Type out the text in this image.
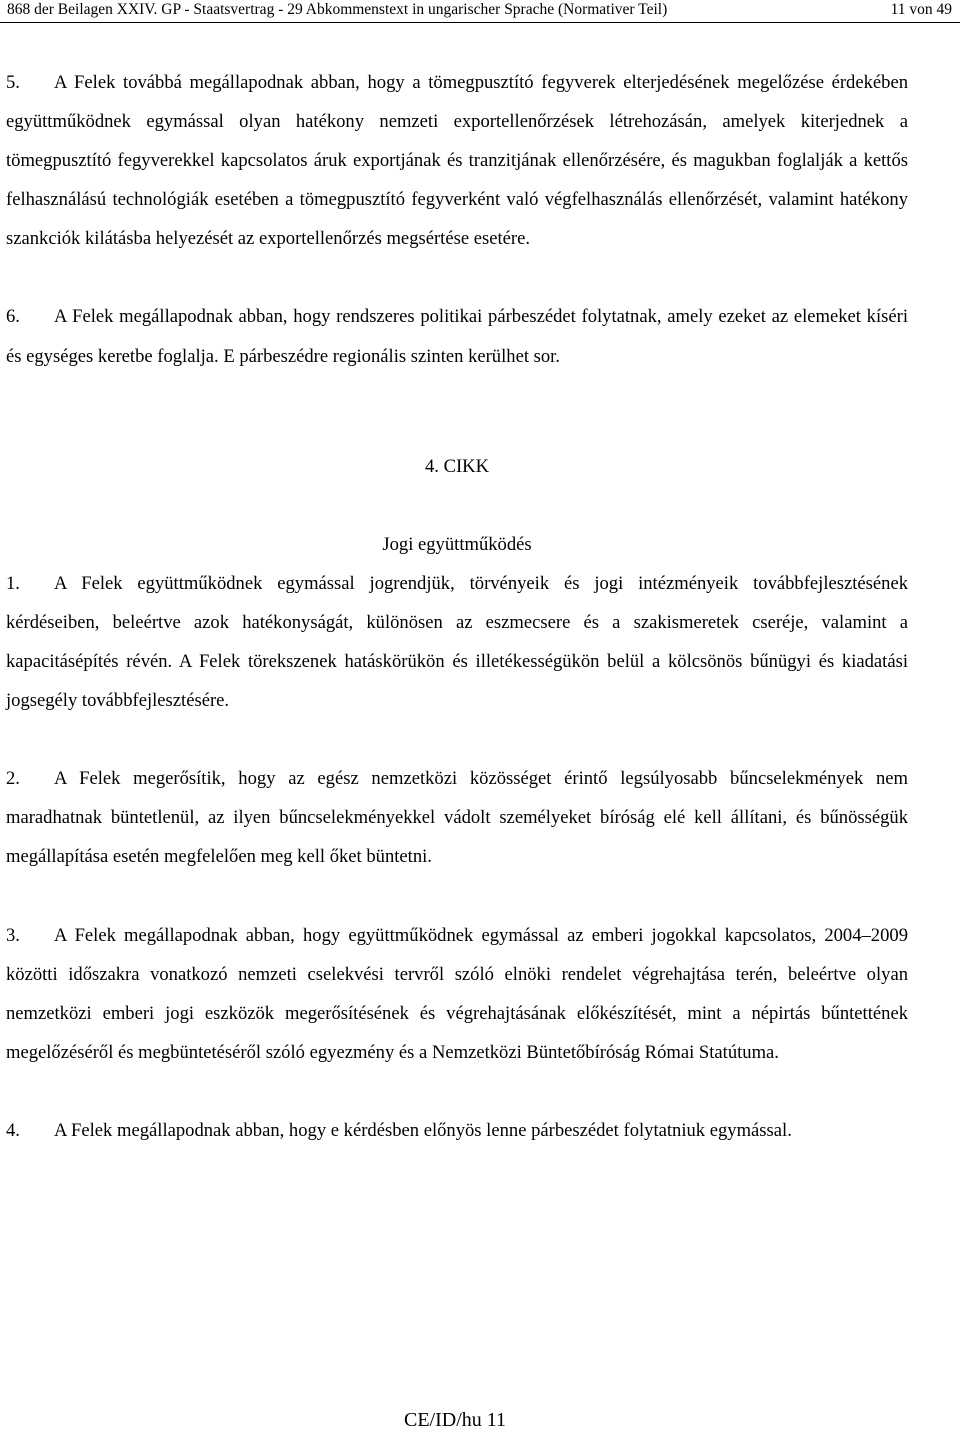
868 der Beilagen XXIV. GP - Staatsvertrag - 29 Abkommenstext in ungarischer Sprache (Normativer Teil)	11 von 49

5. A Felek továbbá megállapodnak abban, hogy a tömegpusztító fegyverek elterjedésének megelőzése érdekében együttműködnek egymással olyan hatékony nemzeti exportellenőrzések létrehozásán, amelyek kiterjednek a tömegpusztító fegyverekkel kapcsolatos áruk exportjának és tranzitjának ellenőrzésére, és magukban foglalják a kettős felhasználású technológiák esetében a tömegpusztító fegyverként való végfelhasználás ellenőrzését, valamint hatékony szankciók kilátásba helyezését az exportellenőrzés megsértése esetére.

6. A Felek megállapodnak abban, hogy rendszeres politikai párbeszédet folytatnak, amely ezeket az elemeket kíséri és egységes keretbe foglalja. E párbeszédre regionális szinten kerülhet sor.

4. CIKK

Jogi együttműködés

1. A Felek együttműködnek egymással jogrendjük, törvényeik és jogi intézményeik továbbfejlesztésének kérdéseiben, beleértve azok hatékonyságát, különösen az eszmecsere és a szakismeretek cseréje, valamint a kapacitásépítés révén. A Felek törekszenek hatáskörükön és illetékességükön belül a kölcsönös bűnügyi és kiadatási jogsegély továbbfejlesztésére.

2. A Felek megerősítik, hogy az egész nemzetközi közösséget érintő legsúlyosabb bűncselekmények nem maradhatnak büntetlenül, az ilyen bűncselekményekkel vádolt személyeket bíróság elé kell állítani, és bűnösségük megállapítása esetén megfelelően meg kell őket büntetni.

3. A Felek megállapodnak abban, hogy együttműködnek egymással az emberi jogokkal kapcsolatos, 2004–2009 közötti időszakra vonatkozó nemzeti cselekvési tervről szóló elnöki rendelet végrehajtása terén, beleértve olyan nemzetközi emberi jogi eszközök megerősítésének és végrehajtásának előkészítését, mint a népirtás bűntettének megelőzéséről és megbüntetéséről szóló egyezmény és a Nemzetközi Büntetőbíróság Római Statútuma.

4. A Felek megállapodnak abban, hogy e kérdésben előnyös lenne párbeszédet folytatniuk egymással.

CE/ID/hu 11
